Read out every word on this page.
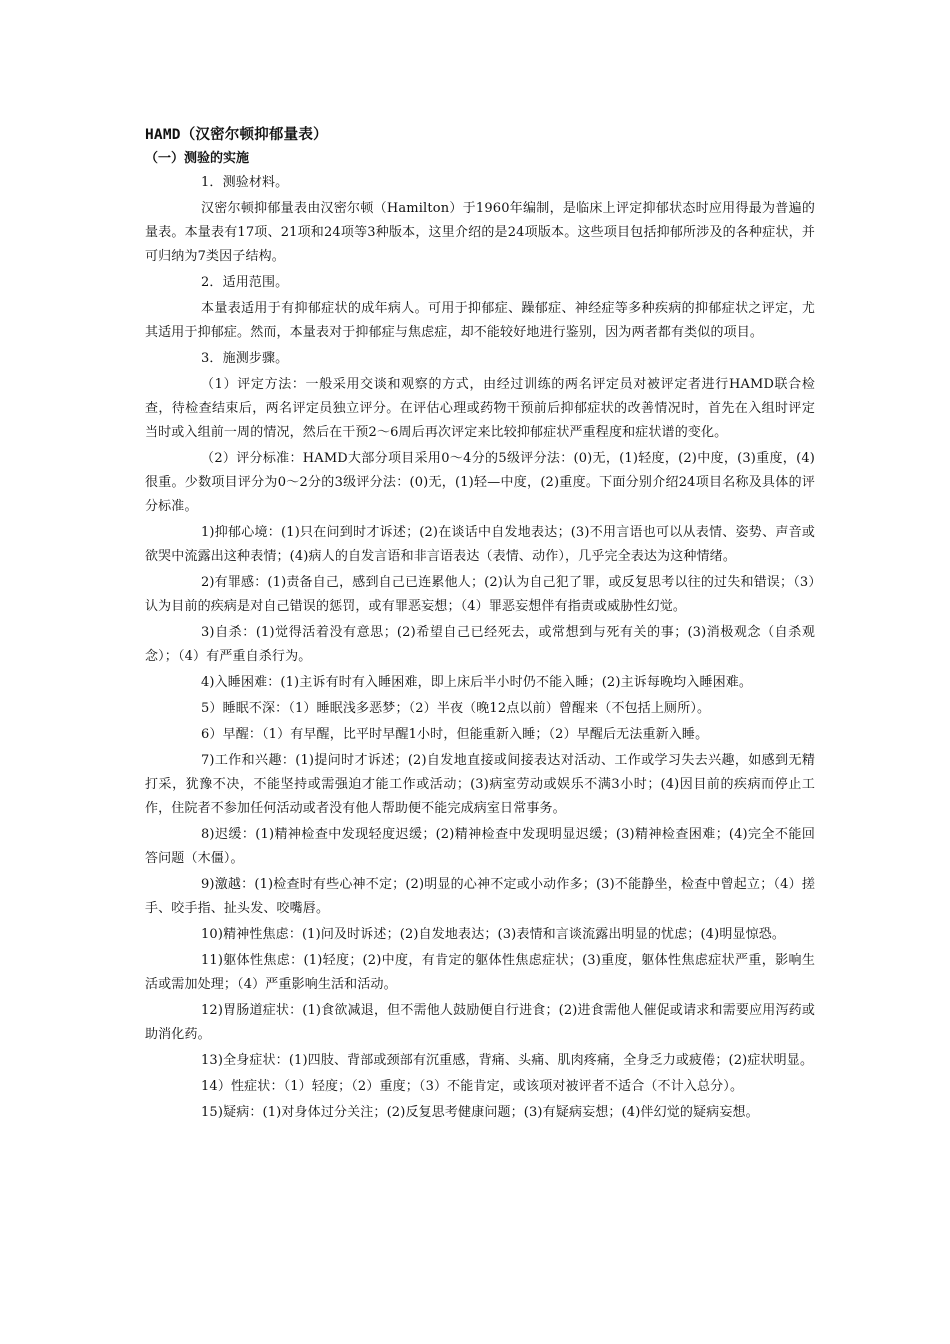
HAMD（汉密尔顿抑郁量表）
（一）测验的实施

1．测验材料。

汉密尔顿抑郁量表由汉密尔顿（Hamilton）于1960年编制，是临床上评定抑郁状态时应用得最为普遍的量表。本量表有17项、21项和24项等3种版本，这里介绍的是24项版本。这些项目包括抑郁所涉及的各种症状，并可归纳为7类因子结构。

2．适用范围。

本量表适用于有抑郁症状的成年病人。可用于抑郁症、躁郁症、神经症等多种疾病的抑郁症状之评定，尤其适用于抑郁症。然而，本量表对于抑郁症与焦虑症，却不能较好地进行鉴别，因为两者都有类似的项目。

3．施测步骤。

（1）评定方法：一般采用交谈和观察的方式，由经过训练的两名评定员对被评定者进行HAMD联合检查，待检查结束后，两名评定员独立评分。在评估心理或药物干预前后抑郁症状的改善情况时，首先在入组时评定当时或入组前一周的情况，然后在干预2～6周后再次评定来比较抑郁症状严重程度和症状谱的变化。

（2）评分标准：HAMD大部分项目采用0～4分的5级评分法：(0)无，(1)轻度，(2)中度，(3)重度，(4)很重。少数项目评分为0～2分的3级评分法：(0)无，(1)轻—中度，(2)重度。下面分别介绍24项目名称及具体的评分标准。

1)抑郁心境：(1)只在问到时才诉述；(2)在谈话中自发地表达；(3)不用言语也可以从表情、姿势、声音或欲哭中流露出这种表情；(4)病人的自发言语和非言语表达（表情、动作），几乎完全表达为这种情绪。

2)有罪感：(1)责备自己，感到自己已连累他人；(2)认为自己犯了罪，或反复思考以往的过失和错误；（3）认为目前的疾病是对自己错误的惩罚，或有罪恶妄想；（4）罪恶妄想伴有指责或威胁性幻觉。

3)自杀：(1)觉得活着没有意思；(2)希望自己已经死去，或常想到与死有关的事；(3)消极观念（自杀观念）；（4）有严重自杀行为。

4)入睡困难：(1)主诉有时有入睡困难，即上床后半小时仍不能入睡；(2)主诉每晚均入睡困难。

5）睡眠不深：（1）睡眠浅多恶梦；（2）半夜（晚12点以前）曾醒来（不包括上厕所）。

6）早醒：（1）有早醒，比平时早醒1小时，但能重新入睡；（2）早醒后无法重新入睡。

7)工作和兴趣：(1)提问时才诉述；(2)自发地直接或间接表达对活动、工作或学习失去兴趣，如感到无精打采，犹豫不决，不能坚持或需强迫才能工作或活动；(3)病室劳动或娱乐不满3小时；(4)因目前的疾病而停止工作，住院者不参加任何活动或者没有他人帮助便不能完成病室日常事务。

8)迟缓：(1)精神检查中发现轻度迟缓；(2)精神检查中发现明显迟缓；(3)精神检查困难；(4)完全不能回答问题（木僵）。

9)激越：(1)检查时有些心神不定；(2)明显的心神不定或小动作多；(3)不能静坐，检查中曾起立；（4）搓手、咬手指、扯头发、咬嘴唇。

10)精神性焦虑：(1)问及时诉述；(2)自发地表达；(3)表情和言谈流露出明显的忧虑；(4)明显惊恐。

11)躯体性焦虑：(1)轻度；(2)中度，有肯定的躯体性焦虑症状；(3)重度，躯体性焦虑症状严重，影响生活或需加处理；（4）严重影响生活和活动。

12)胃肠道症状：(1)食欲减退，但不需他人鼓励便自行进食；(2)进食需他人催促或请求和需要应用泻药或助消化药。

13)全身症状：(1)四肢、背部或颈部有沉重感，背痛、头痛、肌肉疼痛，全身乏力或疲倦；(2)症状明显。

14）性症状：（1）轻度；（2）重度；（3）不能肯定，或该项对被评者不适合（不计入总分）。

15)疑病：(1)对身体过分关注；(2)反复思考健康问题；(3)有疑病妄想；(4)伴幻觉的疑病妄想。
